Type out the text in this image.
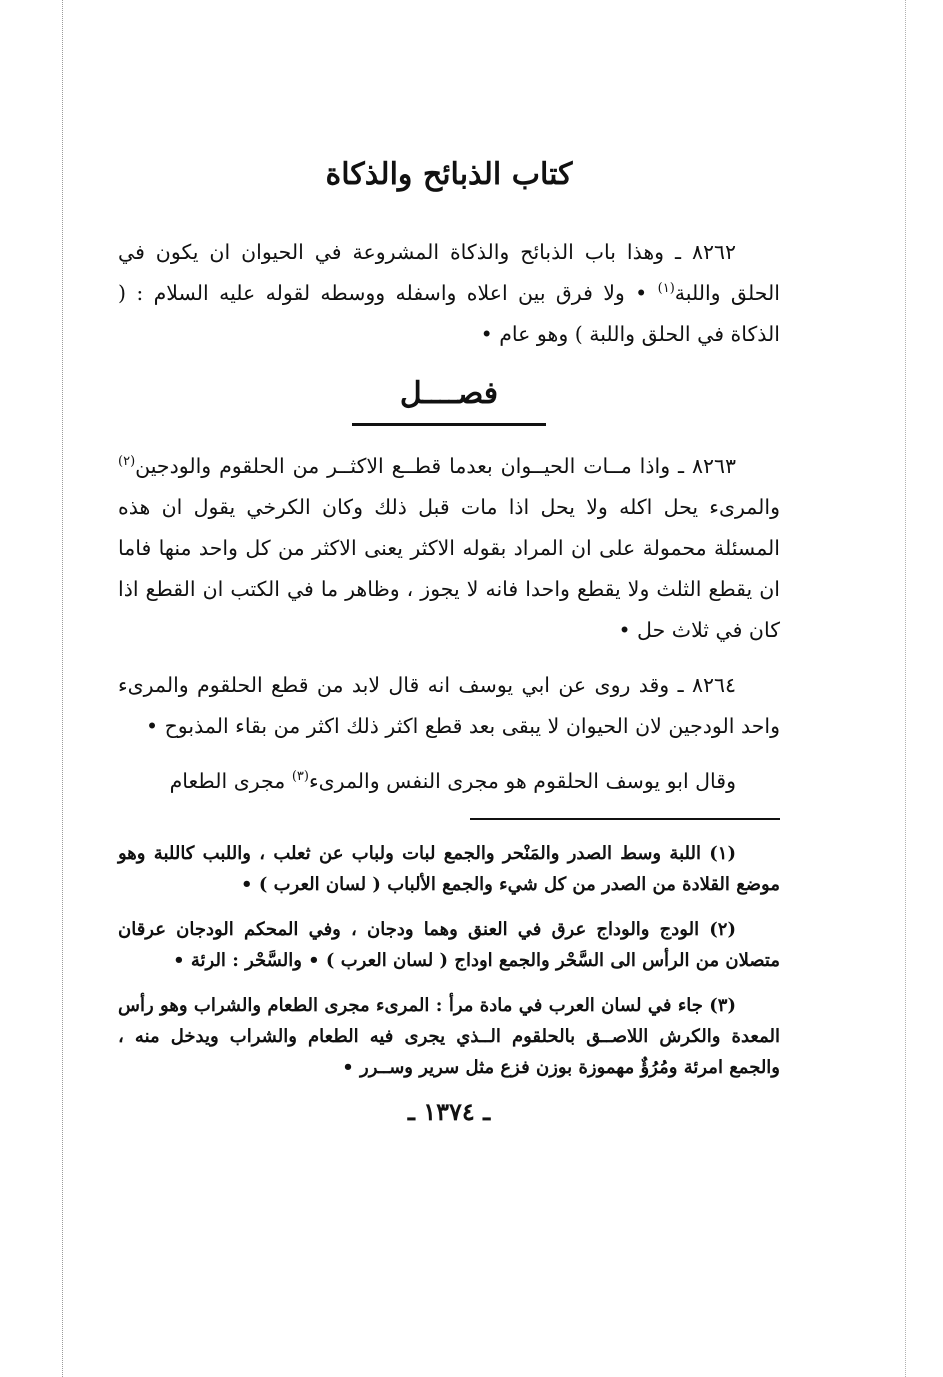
كتاب الذبائح والذكاة

٨٢٦٢ ـ وهذا باب الذبائح والذكاة المشروعة في الحيوان ان يكون في الحلق واللبة$^{(١)}$ • ولا فرق بين اعلاه واسفله ووسطه لقوله عليه السلام : ( الذكاة في الحلق واللبة ) وهو عام •

فصــــل

٨٢٦٣ ـ واذا مــات الحيــوان بعدما قطــع الاكثــر من الحلقوم والودجين$^{(٢)}$ والمرىء يحل اكله ولا يحل اذا مات قبل ذلك وكان الكرخي يقول ان هذه المسئلة محمولة على ان المراد بقوله الاكثر يعنى الاكثر من كل واحد منها فاما ان يقطع الثلث ولا يقطع واحدا فانه لا يجوز ، وظاهر ما في الكتب ان القطع اذا كان في ثلاث حل •

٨٢٦٤ ـ وقد روى عن ابي يوسف انه قال لابد من قطع الحلقوم والمرىء واحد الودجين لان الحيوان لا يبقى بعد قطع اكثر ذلك اكثر من بقاء المذبوح •

وقال ابو يوسف الحلقوم هو مجرى النفس والمرىء$^{(٣)}$ مجرى الطعام

(١) اللبة وسط الصدر والمَنْحر والجمع لبات ولباب عن ثعلب ، واللبب كاللبة وهو موضع القلادة من الصدر من كل شيء والجمع الألباب ( لسان العرب ) •

(٢) الودج والوداج عرق في العنق وهما ودجان ، وفي المحكم الودجان عرقان متصلان من الرأس الى السَّحْر والجمع اوداج ( لسان العرب ) • والسَّحْر : الرئة •

(٣) جاء في لسان العرب في مادة مرأ : المرىء مجرى الطعام والشراب وهو رأس المعدة والكرش اللاصــق بالحلقوم الــذي يجرى فيه الطعام والشراب ويدخل منه ، والجمع امرئة ومُرُؤٌ مهموزة بوزن فزع مثل سرير وســرر •

ـ ١٣٧٤ ـ
